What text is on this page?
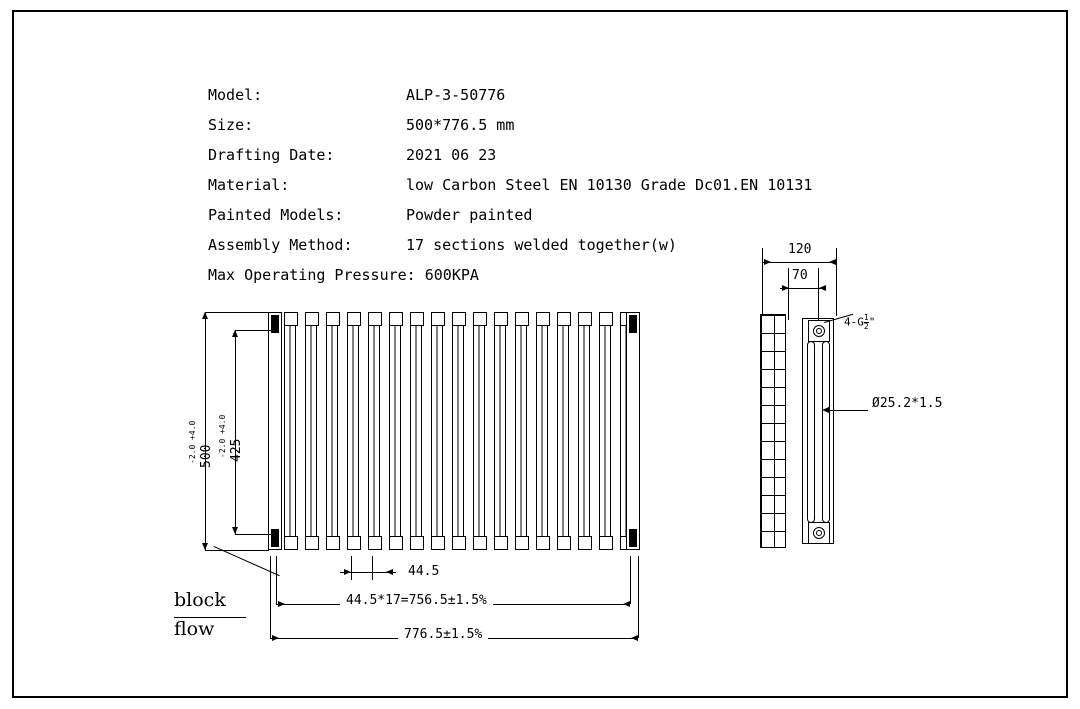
Model:	ALP-3-50776
Size:	500*776.5 mm
Drafting Date:	2021 06 23
Material:	low Carbon Steel EN 10130 Grade Dc01.EN 10131
Painted Models:	Powder painted
Assembly Method:	17 sections welded together(w)
Max Operating Pressure: 600KPA
500
+4.0
-2.0 425
+4.0
-2.0
block
flow
44.5
44.5*17=756.5±1.5%
776.5±1.5%
120
70
$4-G \frac{1}{2}$ "
Ø25.2*1.5
